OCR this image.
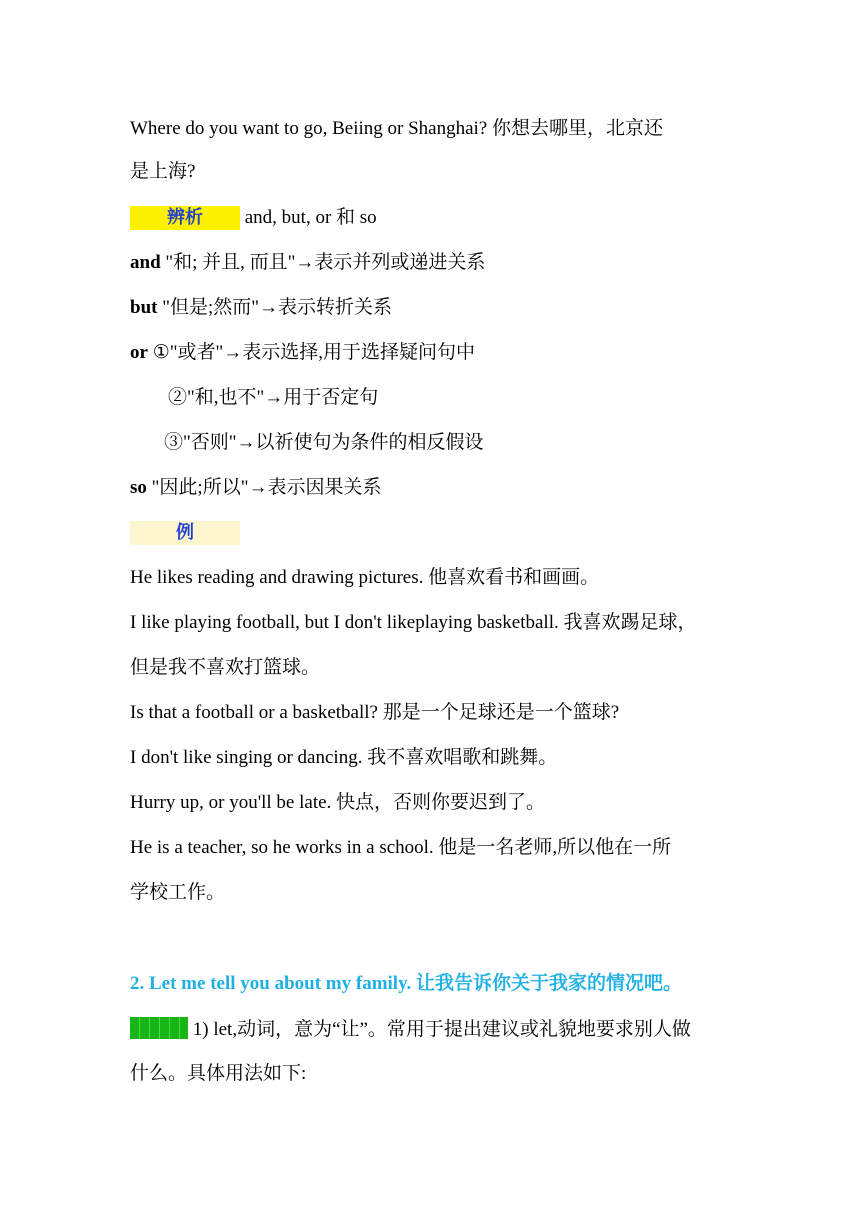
Where do you want to go, Beiing or Shanghai? 你想去哪里，北京还
是上海?
辨析 and, but, or 和 so
and "和; 并且, 而且"→表示并列或递进关系
but "但是;然而"→表示转折关系
or ①"或者"→表示选择,用于选择疑问句中
②"和,也不"→用于否定句
③"否则"→以祈使句为条件的相反假设
so "因此;所以"→表示因果关系
例
He likes reading and drawing pictures. 他喜欢看书和画画。
I like playing football, but I don't likeplaying basketball. 我喜欢踢足球，
但是我不喜欢打篮球。
Is that a football or a basketball? 那是一个足球还是一个篮球?
I don't like singing or dancing. 我不喜欢唱歌和跳舞。
Hurry up, or you'll be late. 快点，否则你要迟到了。
He is a teacher, so he works in a school. 他是一名老师,所以他在一所
学校工作。
2. Let me tell you about my family. 让我告诉你关于我家的情况吧。
1) let,动词，意为“让”。常用于提出建议或礼貌地要求别人做
什么。具体用法如下:
